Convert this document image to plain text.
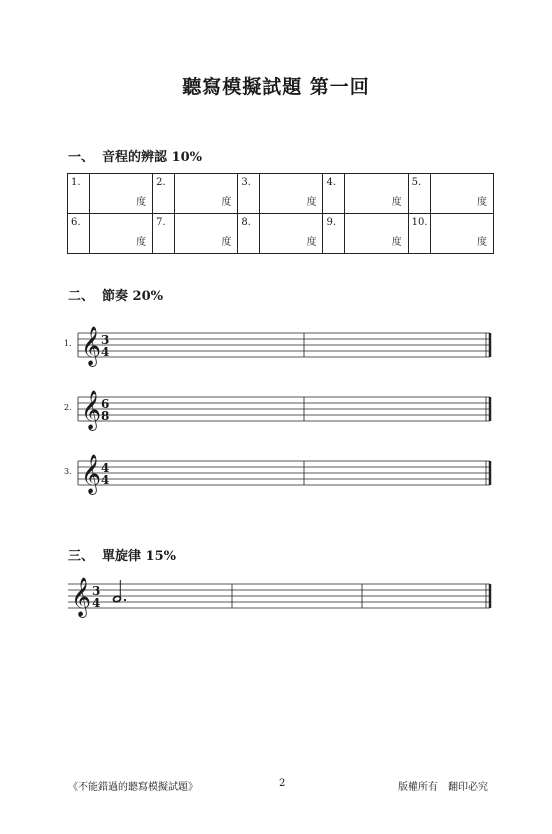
聽寫模擬試題 第一回
一、 音程的辨認 10%
1.	度	2.	度	3.	度	4.	度	5.	度

6.	度	7.	度	8.	度	9.	度	10.	度
二、 節奏 20%
三、 單旋律 15%
1.
2.
3.
𝄞 3
4
𝄞 6
8
𝄞 4
4
𝄞 3
4
《不能錯過的聽寫模擬試題》	2	版權所有　翻印必究
